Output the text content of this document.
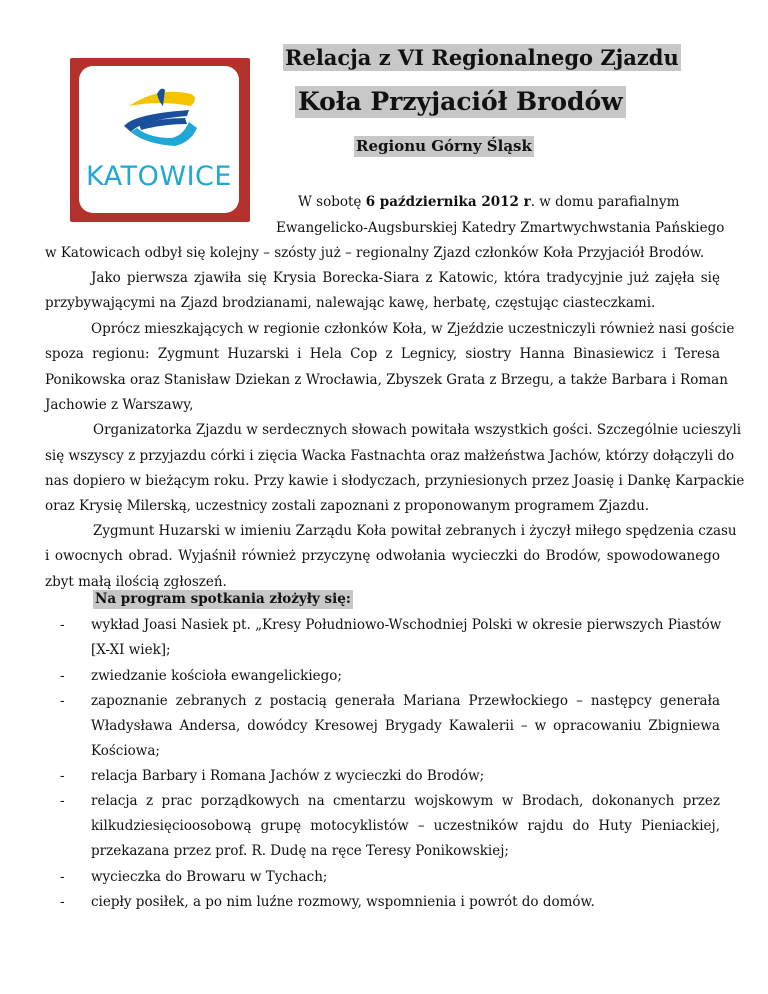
KATOWICE
Relacja z VI Regionalnego Zjazdu
Koła Przyjaciół Brodów
Regionu Górny Śląsk
W sobotę 6 października 2012 r. w domu parafialnym
Ewangelicko-Augsburskiej Katedry Zmartwychwstania Pańskiego
w Katowicach odbył się kolejny – szósty już – regionalny Zjazd członków Koła Przyjaciół Brodów.
Jako pierwsza zjawiła się Krysia Borecka-Siara z Katowic, która tradycyjnie już zajęła się
przybywającymi na Zjazd brodzianami, nalewając kawę, herbatę, częstując ciasteczkami.
Oprócz mieszkających w regionie członków Koła, w Zjeździe uczestniczyli również nasi goście
spoza regionu: Zygmunt Huzarski i Hela Cop z Legnicy, siostry Hanna Binasiewicz i Teresa
Ponikowska oraz Stanisław Dziekan z Wrocławia, Zbyszek Grata z Brzegu, a także Barbara i Roman
Jachowie z Warszawy,
Organizatorka Zjazdu w serdecznych słowach powitała wszystkich gości. Szczególnie ucieszyli
się wszyscy z przyjazdu córki i zięcia Wacka Fastnachta oraz małżeństwa Jachów, którzy dołączyli do
nas dopiero w bieżącym roku. Przy kawie i słodyczach, przyniesionych przez Joasię i Dankę Karpackie
oraz Krysię Milerską, uczestnicy zostali zapoznani z proponowanym programem Zjazdu.
Zygmunt Huzarski w imieniu Zarządu Koła powitał zebranych i życzył miłego spędzenia czasu
i owocnych obrad. Wyjaśnił również przyczynę odwołania wycieczki do Brodów, spowodowanego
zbyt małą ilością zgłoszeń.
Na program spotkania złożyły się:
- wykład Joasi Nasiek pt. „Kresy Południowo-Wschodniej Polski w okresie pierwszych Piastów
[X-XI wiek];
- zwiedzanie kościoła ewangelickiego;
- zapoznanie zebranych z postacią generała Mariana Przewłockiego – następcy generała
Władysława Andersa, dowódcy Kresowej Brygady Kawalerii – w opracowaniu Zbigniewa
Kościowa;
- relacja Barbary i Romana Jachów z wycieczki do Brodów;
- relacja z prac porządkowych na cmentarzu wojskowym w Brodach, dokonanych przez
kilkudziesięcioosobową grupę motocyklistów – uczestników rajdu do Huty Pieniackiej,
przekazana przez prof. R. Dudę na ręce Teresy Ponikowskiej;
- wycieczka do Browaru w Tychach;
- ciepły posiłek, a po nim luźne rozmowy, wspomnienia i powrót do domów.
